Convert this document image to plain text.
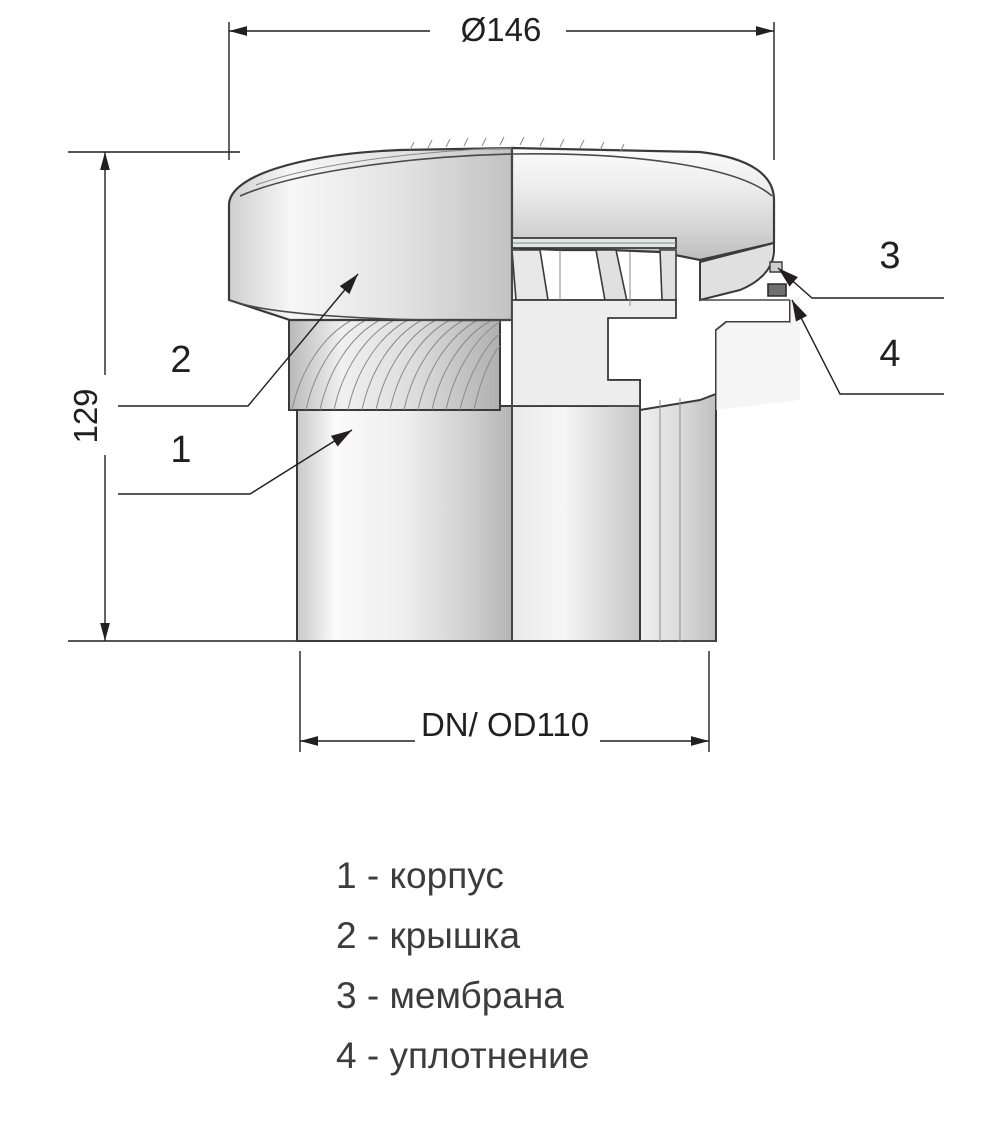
Ø146
129
DN/ OD110
2
1
3
4
1 - корпус
2 - крышка
3 - мембрана
4 - уплотнение
